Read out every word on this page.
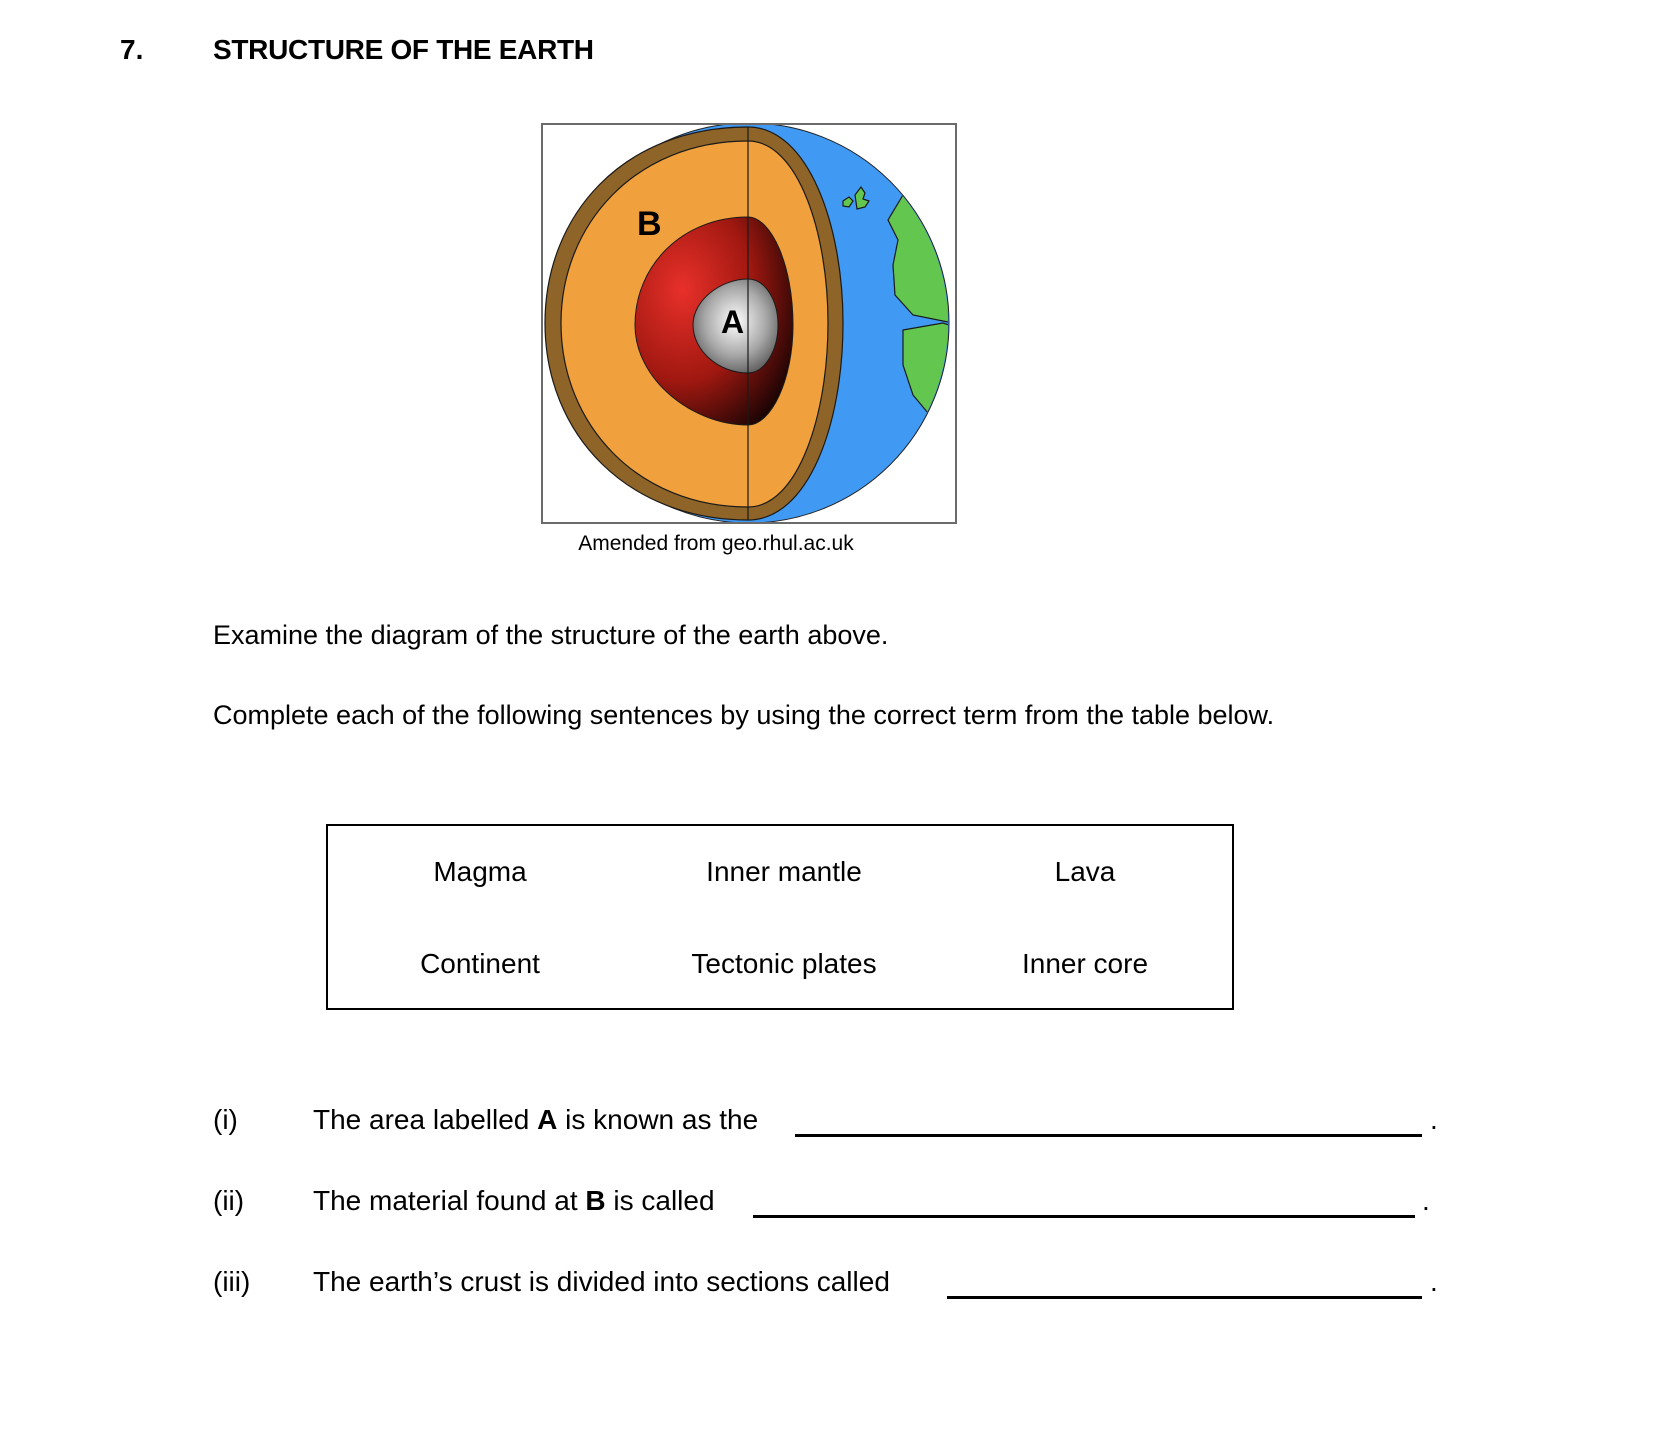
7. STRUCTURE OF THE EARTH
B
A
Amended from geo.rhul.ac.uk
Examine the diagram of the structure of the earth above.
Complete each of the following sentences by using the correct term from the table below.
Magma	Inner mantle	Lava
Continent	Tectonic plates	Inner core
(i)	The area labelled A is known as the	.
(ii) The material found at B is called	.
(iii) The earth’s crust is divided into sections called	.
